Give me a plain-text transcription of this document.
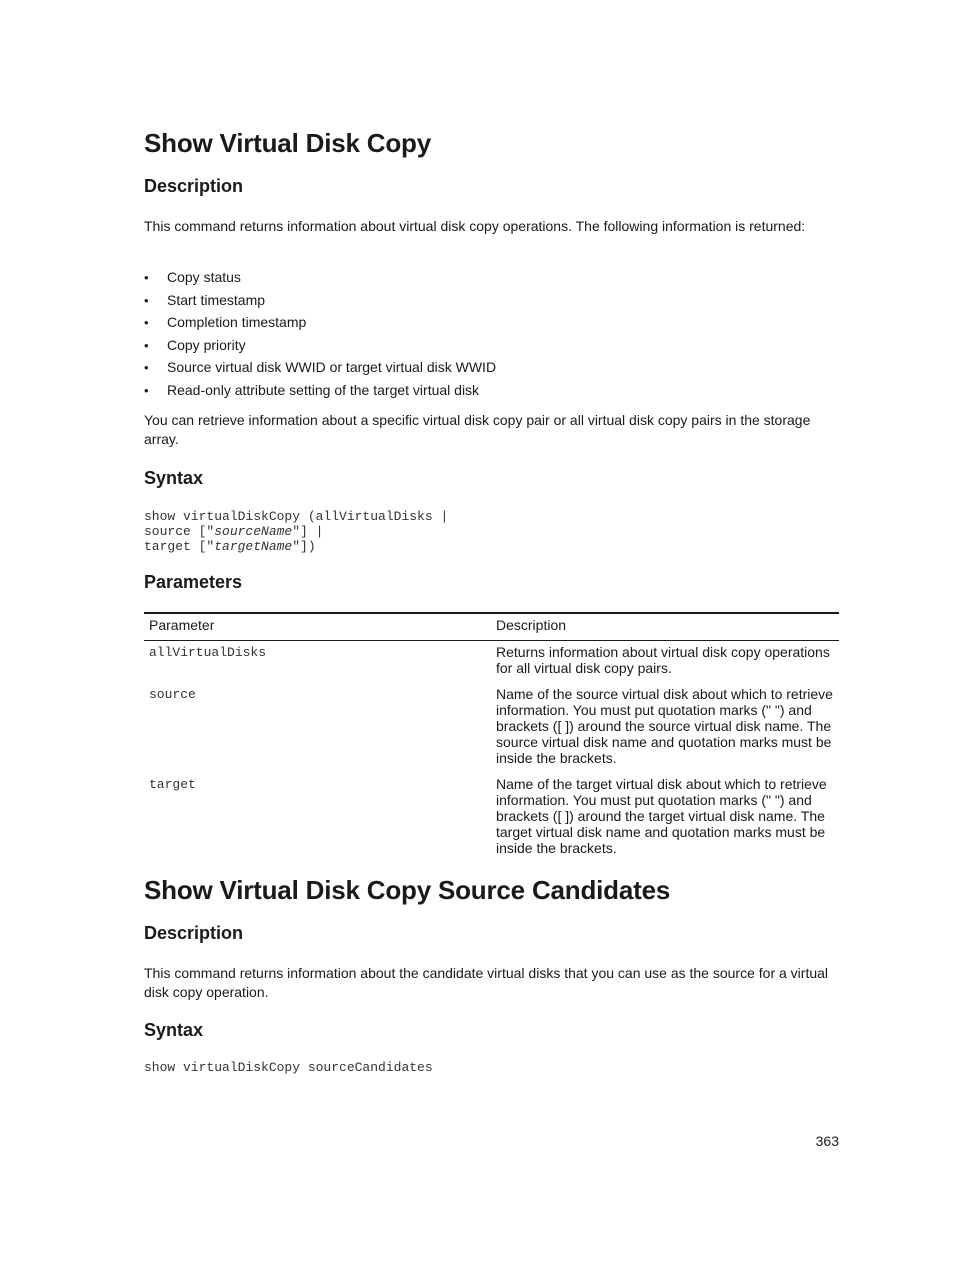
Show Virtual Disk Copy
Description

This command returns information about virtual disk copy operations. The following information is returned:

• Copy status
• Start timestamp
• Completion timestamp
• Copy priority
• Source virtual disk WWID or target virtual disk WWID
• Read-only attribute setting of the target virtual disk

You can retrieve information about a specific virtual disk copy pair or all virtual disk copy pairs in the storage array.

Syntax
show virtualDiskCopy (allVirtualDisks |
source ["sourceName"] |
target ["targetName"])
Parameters
Parameter	Description
allVirtualDisks	Returns information about virtual disk copy operations for all virtual disk copy pairs.
source	Name of the source virtual disk about which to retrieve information. You must put quotation marks (" ") and brackets ([ ]) around the source virtual disk name. The source virtual disk name and quotation marks must be inside the brackets.
target	Name of the target virtual disk about which to retrieve information. You must put quotation marks (" ") and brackets ([ ]) around the target virtual disk name. The target virtual disk name and quotation marks must be inside the brackets.
Show Virtual Disk Copy Source Candidates
Description

This command returns information about the candidate virtual disks that you can use as the source for a virtual disk copy operation.

Syntax
show virtualDiskCopy sourceCandidates
363
